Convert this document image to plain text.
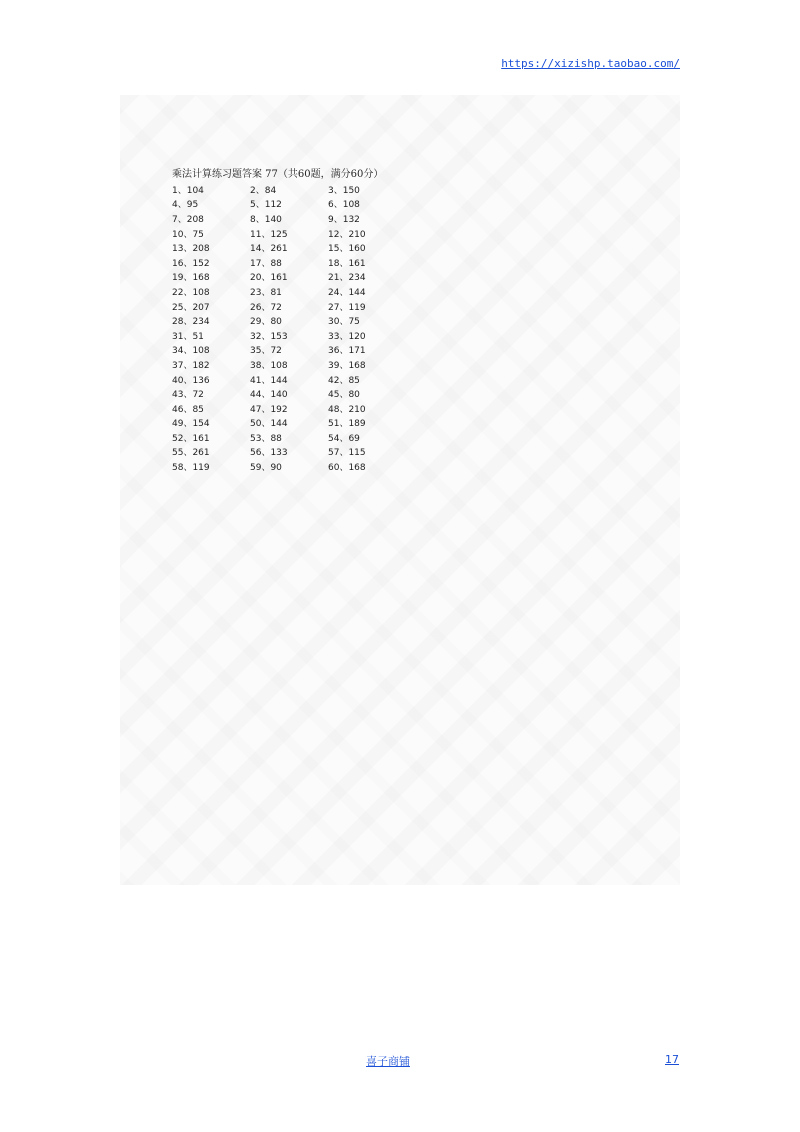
https://xizishp.taobao.com/
乘法计算练习题答案 77（共60题，满分60分）
1、104	2、84	3、150
4、95	5、112	6、108
7、208	8、140	9、132
10、75	11、125	12、210
13、208	14、261	15、160
16、152	17、88	18、161
19、168	20、161	21、234
22、108	23、81	24、144
25、207	26、72	27、119
28、234	29、80	30、75
31、51	32、153	33、120
34、108	35、72	36、171
37、182	38、108	39、168
40、136	41、144	42、85
43、72	44、140	45、80
46、85	47、192	48、210
49、154	50、144	51、189
52、161	53、88	54、69
55、261	56、133	57、115
58、119	59、90	60、168
喜子商铺	17
